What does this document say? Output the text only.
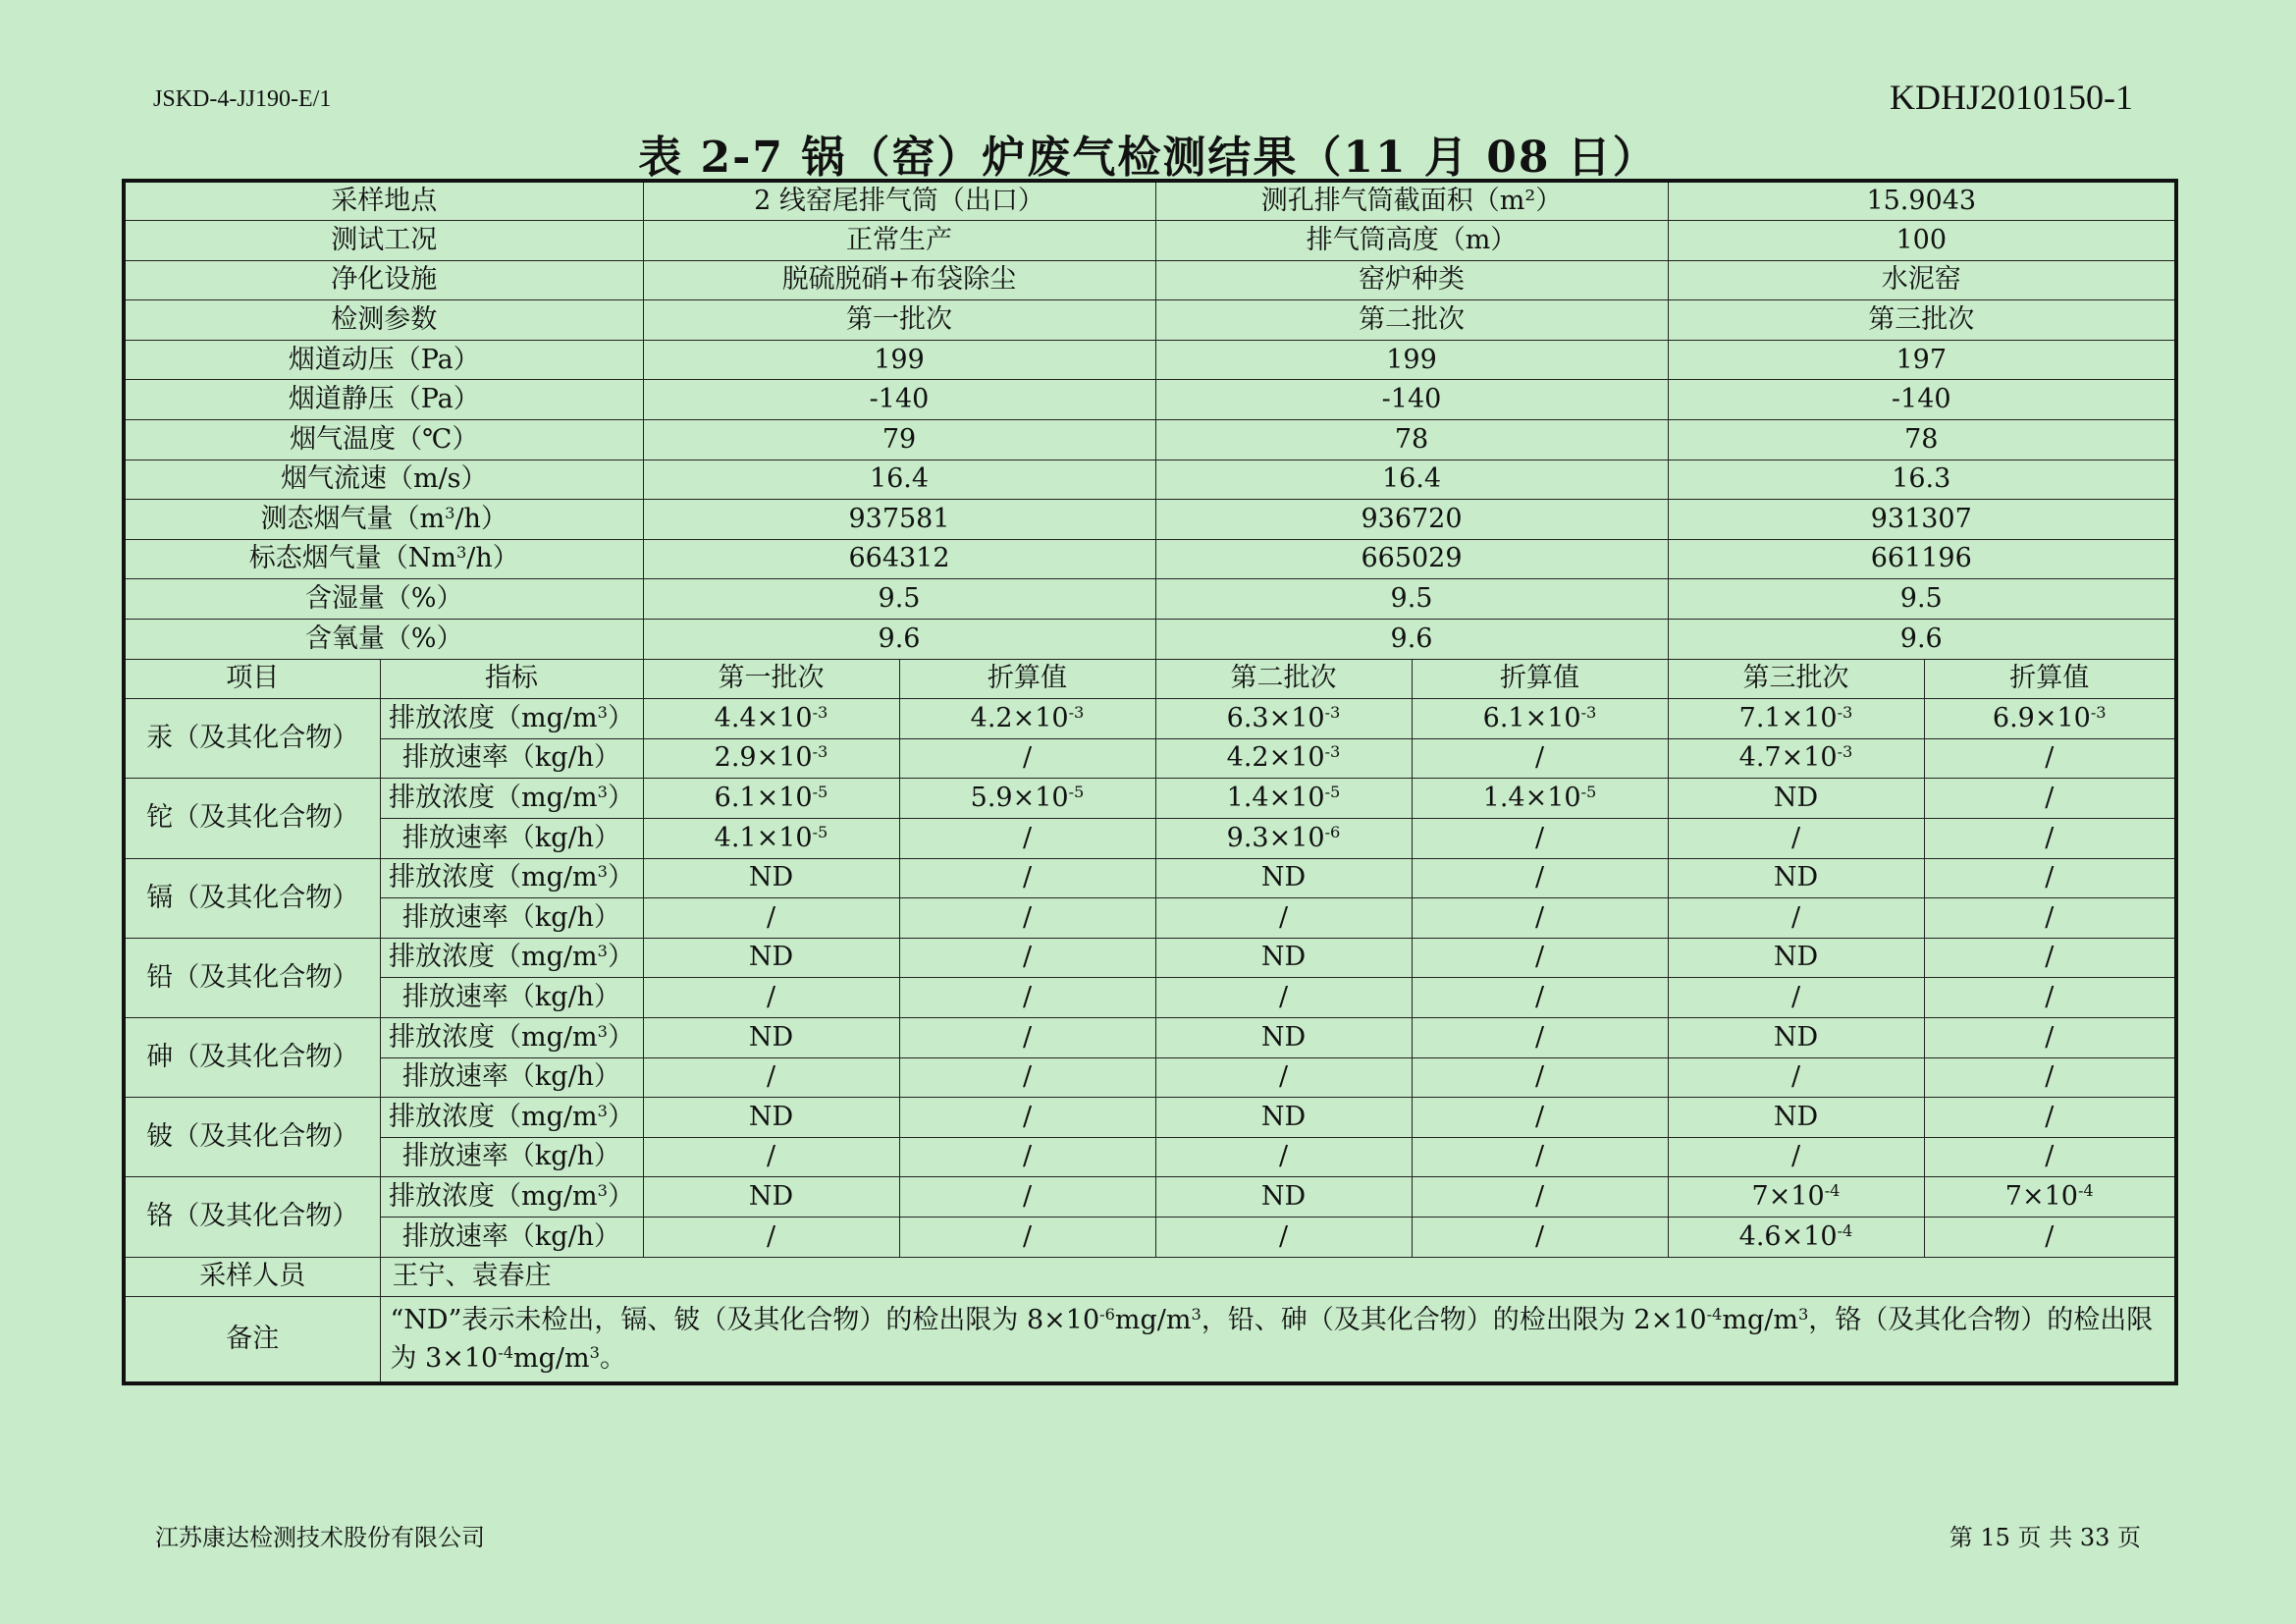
JSKD-4-JJ190-E/1	KDHJ2010150-1
表 2-7 锅（窑）炉废气检测结果（11 月 08 日）
采样地点		2 线窑尾排气筒（出口）		测孔排气筒截面积（m²）		15.9043	
测试工况		正常生产		排气筒高度（m）		100	
净化设施		脱硫脱硝+布袋除尘		窑炉种类		水泥窑	
检测参数		第一批次		第二批次		第三批次	
烟道动压（Pa）		199		199		197	
烟道静压（Pa）		-140		-140		-140	
烟气温度（℃）		79		78		78	
烟气流速（m/s）		16.4		16.4		16.3	
测态烟气量$(m^3/h)$		937581		936720		931307	
标态烟气量（Nm$^3$/h）		664312		665029		661196	
含湿量（%）		9.5		9.5		9.5	
含氧量（%）		9.6		9.6		9.6	
项目	指标	第一批次	折算值	第二批次	折算值	第三批次	折算值
汞（及其化合物）	排放浓度$(mg/m^3)$	$4.4\times 10^{-3}$	$4.2\times 10^{-3}$	$6.3\times 10^{-3}$	$6.1\times 10^{-3}$	$7.1\times 10^{-3}$	$6.9\times 10^{-3}$
	排放速率（kg/h）	$2.9\times 10^{-3}$	/	$4.2\times 10^{-3}$	/	$4.7\times 10^{-3}$	/
铊（及其化合物）	排放浓度$(mg/m^3)$	$6.1\times 10^{-5}$	$5.9\times 10^{-5}$	$1.4\times 10^{-5}$	$1.4\times 10^{-5}$	ND	/
	排放速率（kg/h）	$4.1\times 10^{-5}$	/	$9.3\times 10^{-6}$	/	/	/
镉（及其化合物）	排放浓度$(mg/m^3)$	ND	/	ND	/	ND	/
	排放速率（kg/h）	/	/	/	/	/	/
铅（及其化合物）	排放浓度$(mg/m^3)$	ND	/	ND	/	ND	/
	排放速率（kg/h）	/	/	/	/	/	/
砷（及其化合物）	排放浓度$(mg/m^3)$	ND	/	ND	/	ND	/
	排放速率（kg/h）	/	/	/	/	/	/
铍（及其化合物）	排放浓度$(mg/m^3)$	ND	/	ND	/	ND	/
	排放速率（kg/h）	/	/	/	/	/	/
铬（及其化合物）	排放浓度$(mg/m^3)$	ND	/	ND	/	$7\times 10^{-4}$	$7\times 10^{-4}$
	排放速率（kg/h）	/	/	/	/	$4.6\times 10^{-4}$	/
采样人员	王宁、袁春庄						
备注	“ND”表示未检出，镉、铍（及其化合物）的检出限为 $8\times 10^{-6}mg/m^3$，铅、砷（及其化合物）的检出限为 $2\times 10^{-4}mg/m^3$，铬（及其化合物）的检出限为 $3\times 10^{-4}mg/m^3$。						
江苏康达检测技术股份有限公司	第 15 页 共 33 页
